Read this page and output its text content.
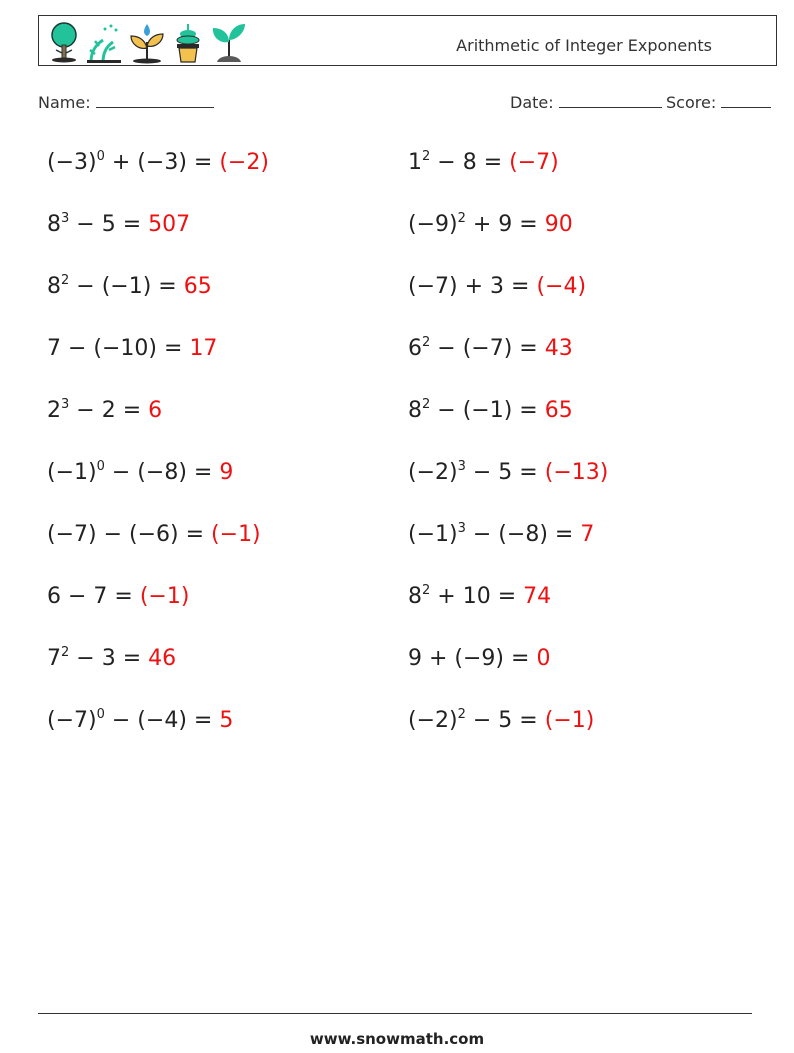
Arithmetic of Integer Exponents
Name:	Date:	Score:
$(-3)^0 + (-3) = (-2)$	$1^2 - 8 = (-7)$
$8^3 - 5 = 507$	$(-9)^2 + 9 = 90$
$8^2 - (-1) = 65$	(−7) + 3 = (−4)
7 − (−10) = 17	$6^2 - (-7) = 43$
$2^3 - 2 = 6$	$8^2 - (-1) = 65$
$(-1)^0 - (-8) = 9$	$(-2)^3 - 5 = (-13)$
(−7) − (−6) = (−1)	$(-1)^3 - (-8) = 7$
6 − 7 = (−1)	$8^2 + 10 = 74$
$7^2 - 3 = 46$	9 + (−9) = 0
$(-7)^0 - (-4) = 5$	$(-2)^2 - 5 = (-1)$
www.snowmath.com
